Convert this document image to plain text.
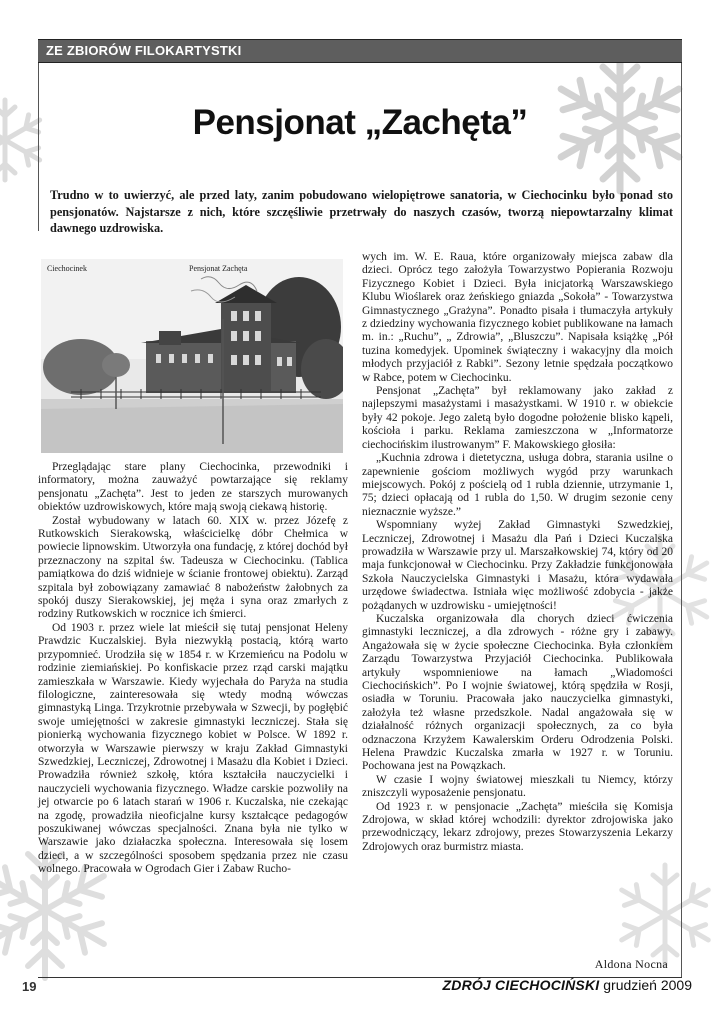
ZE ZBIORÓW FILOKARTYSTKI
Pensjonat „Zachęta”
Trudno w to uwierzyć, ale przed laty, zanim pobudowano wielopiętrowe sanatoria, w Ciechocinku było ponad sto pensjonatów. Najstarsze z nich, które szczęśliwie przetrwały do naszych czasów, tworzą niepowtarzalny klimat dawnego uzdrowiska.
Ciechocinek	Pensjonat Zachęta

Przeglądając stare plany Ciechocinka, przewodniki i informatory, można zauważyć powtarzające się reklamy pensjonatu „Zachęta”. Jest to jeden ze starszych murowanych obiektów uzdrowiskowych, które mają swoją ciekawą historię.

Został wybudowany w latach 60. XIX w. przez Józefę z Rutkowskich Sierakowską, właścicielkę dóbr Chełmica w powiecie lipnowskim. Utworzyła ona fundację, z której dochód był przeznaczony na szpital św. Tadeusza w Ciechocinku. (Tablica pamiątkowa do dziś widnieje w ścianie frontowej obiektu). Zarząd szpitala był zobowiązany zamawiać 8 nabożeństw żałobnych za spokój duszy Sierakowskiej, jej męża i syna oraz zmarłych z rodziny Rutkowskich w rocznice ich śmierci.

Od 1903 r. przez wiele lat mieścił się tutaj pensjonat Heleny Prawdzic Kuczalskiej. Była niezwykłą postacią, którą warto przypomnieć. Urodziła się w 1854 r. w Krzemieńcu na Podolu w rodzinie ziemiańskiej. Po konfiskacie przez rząd carski majątku zamieszkała w Warszawie. Kiedy wyjechała do Paryża na studia filologiczne, zainteresowała się wtedy modną wówczas gimnastyką Linga. Trzykrotnie przebywała w Szwecji, by pogłębić swoje umiejętności w zakresie gimnastyki leczniczej. Stała się pionierką wychowania fizycznego kobiet w Polsce. W 1892 r. otworzyła w Warszawie pierwszy w kraju Zakład Gimnastyki Szwedzkiej, Leczniczej, Zdrowotnej i Masażu dla Kobiet i Dzieci. Prowadziła również szkołę, która kształciła nauczycielki i nauczycieli wychowania fizycznego. Władze carskie pozwoliły na jej otwarcie po 6 latach starań w 1906 r. Kuczalska, nie czekając na zgodę, prowadziła nieoficjalne kursy kształcące pedagogów poszukiwanej wówczas specjalności. Znana była nie tylko w Warszawie jako działaczka społeczna. Interesowała się losem dzieci, a w szczególności sposobem spędzania przez nie czasu wolnego. Pracowała w Ogrodach Gier i Zabaw Rucho-

wych im. W. E. Raua, które organizowały miejsca zabaw dla dzieci. Oprócz tego założyła Towarzystwo Popierania Rozwoju Fizycznego Kobiet i Dzieci. Była inicjatorką Warszawskiego Klubu Wioślarek oraz żeńskiego gniazda „Sokoła” - Towarzystwa Gimnastycznego „Grażyna”. Ponadto pisała i tłumaczyła artykuły z dziedziny wychowania fizycznego kobiet publikowane na łamach m. in.: „Ruchu”, „ Zdrowia”, „Bluszczu”. Napisała książkę „Pół tuzina komedyjek. Upominek świąteczny i wakacyjny dla moich młodych przyjaciół z Rabki”. Sezony letnie spędzała początkowo w Rabce, potem w Ciechocinku.

Pensjonat „Zachęta” był reklamowany jako zakład z najlepszymi masażystami i masażystkami. W 1910 r. w obiekcie były 42 pokoje. Jego zaletą było dogodne położenie blisko kąpeli, kościoła i parku. Reklama zamieszczona w „Informatorze ciechocińskim ilustrowanym” F. Makowskiego głosiła:

„Kuchnia zdrowa i dietetyczna, usługa dobra, starania usilne o zapewnienie gościom możliwych wygód przy warunkach miejscowych. Pokój z pościelą od 1 rubla dziennie, utrzymanie 1, 75; dzieci opłacają od 1 rubla do 1,50. W drugim sezonie ceny nieznacznie wyższe.”

Wspomniany wyżej Zakład Gimnastyki Szwedzkiej, Leczniczej, Zdrowotnej i Masażu dla Pań i Dzieci Kuczalska prowadziła w Warszawie przy ul. Marszałkowskiej 74, który od 20 maja funkcjonował w Ciechocinku. Przy Zakładzie funkcjonowała Szkoła Nauczycielska Gimnastyki i Masażu, która wydawała urzędowe świadectwa. Istniała więc możliwość zdobycia - jakże pożądanych w uzdrowisku - umiejętności!

Kuczalska organizowała dla chorych dzieci ćwiczenia gimnastyki leczniczej, a dla zdrowych - różne gry i zabawy. Angażowała się w życie społeczne Ciechocinka. Była członkiem Zarządu Towarzystwa Przyjaciół Ciechocinka. Publikowała artykuły wspomnieniowe na łamach „Wiadomości Ciechocińskich”. Po I wojnie światowej, którą spędziła w Rosji, osiadła w Toruniu. Pracowała jako nauczycielka gimnastyki, założyła też własne przedszkole. Nadal angażowała się w działalność różnych organizacji społecznych, za co była odznaczona Krzyżem Kawalerskim Orderu Odrodzenia Polski. Helena Prawdzic Kuczalska zmarła w 1927 r. w Toruniu. Pochowana jest na Powązkach.

W czasie I wojny światowej mieszkali tu Niemcy, którzy zniszczyli wyposażenie pensjonatu.

Od 1923 r. w pensjonacie „Zachęta” mieściła się Komisja Zdrojowa, w skład której wchodzili: dyrektor zdrojowiska jako przewodniczący, lekarz zdrojowy, prezes Stowarzyszenia Lekarzy Zdrojowych oraz burmistrz miasta.

Aldona Nocna
19	ZDRÓJ CIECHOCIŃSKI grudzień 2009
